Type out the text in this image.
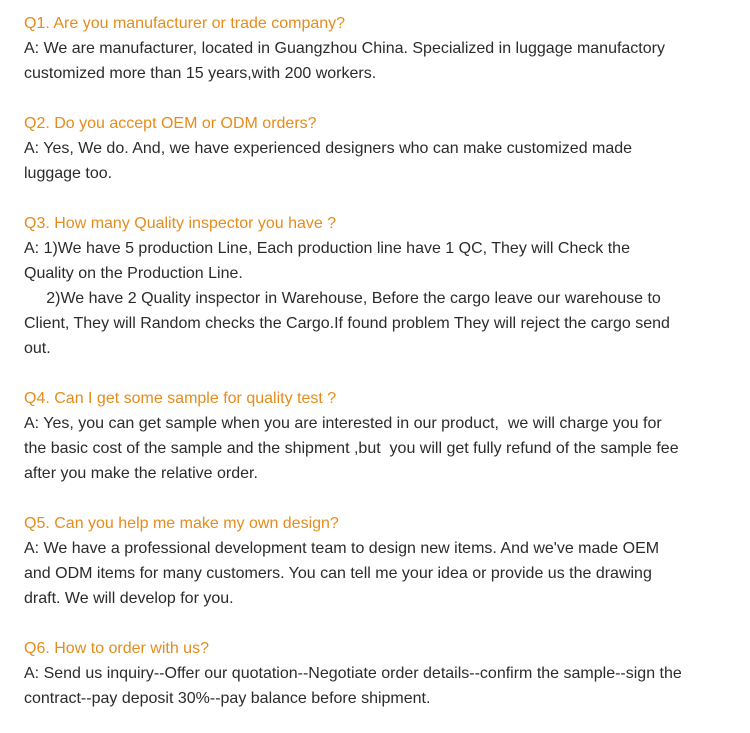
Q1. Are you manufacturer or trade company?
A: We are manufacturer, located in Guangzhou China. Specialized in luggage manufactory
customized more than 15 years,with 200 workers.
Q2. Do you accept OEM or ODM orders?
A: Yes, We do. And, we have experienced designers who can make customized made
luggage too.
Q3. How many Quality inspector you have ?
A: 1)We have 5 production Line, Each production line have 1 QC, They will Check the
Quality on the Production Line.
2)We have 2 Quality inspector in Warehouse, Before the cargo leave our warehouse to
Client, They will Random checks the Cargo.If found problem They will reject the cargo send
out.
Q4. Can I get some sample for quality test ?
A: Yes, you can get sample when you are interested in our product,  we will charge you for
the basic cost of the sample and the shipment ,but  you will get fully refund of the sample fee
after you make the relative order.
Q5. Can you help me make my own design?
A: We have a professional development team to design new items. And we've made OEM
and ODM items for many customers. You can tell me your idea or provide us the drawing
draft. We will develop for you.
Q6. How to order with us?
A: Send us inquiry--Offer our quotation--Negotiate order details--confirm the sample--sign the
contract--pay deposit 30%--pay balance before shipment.
